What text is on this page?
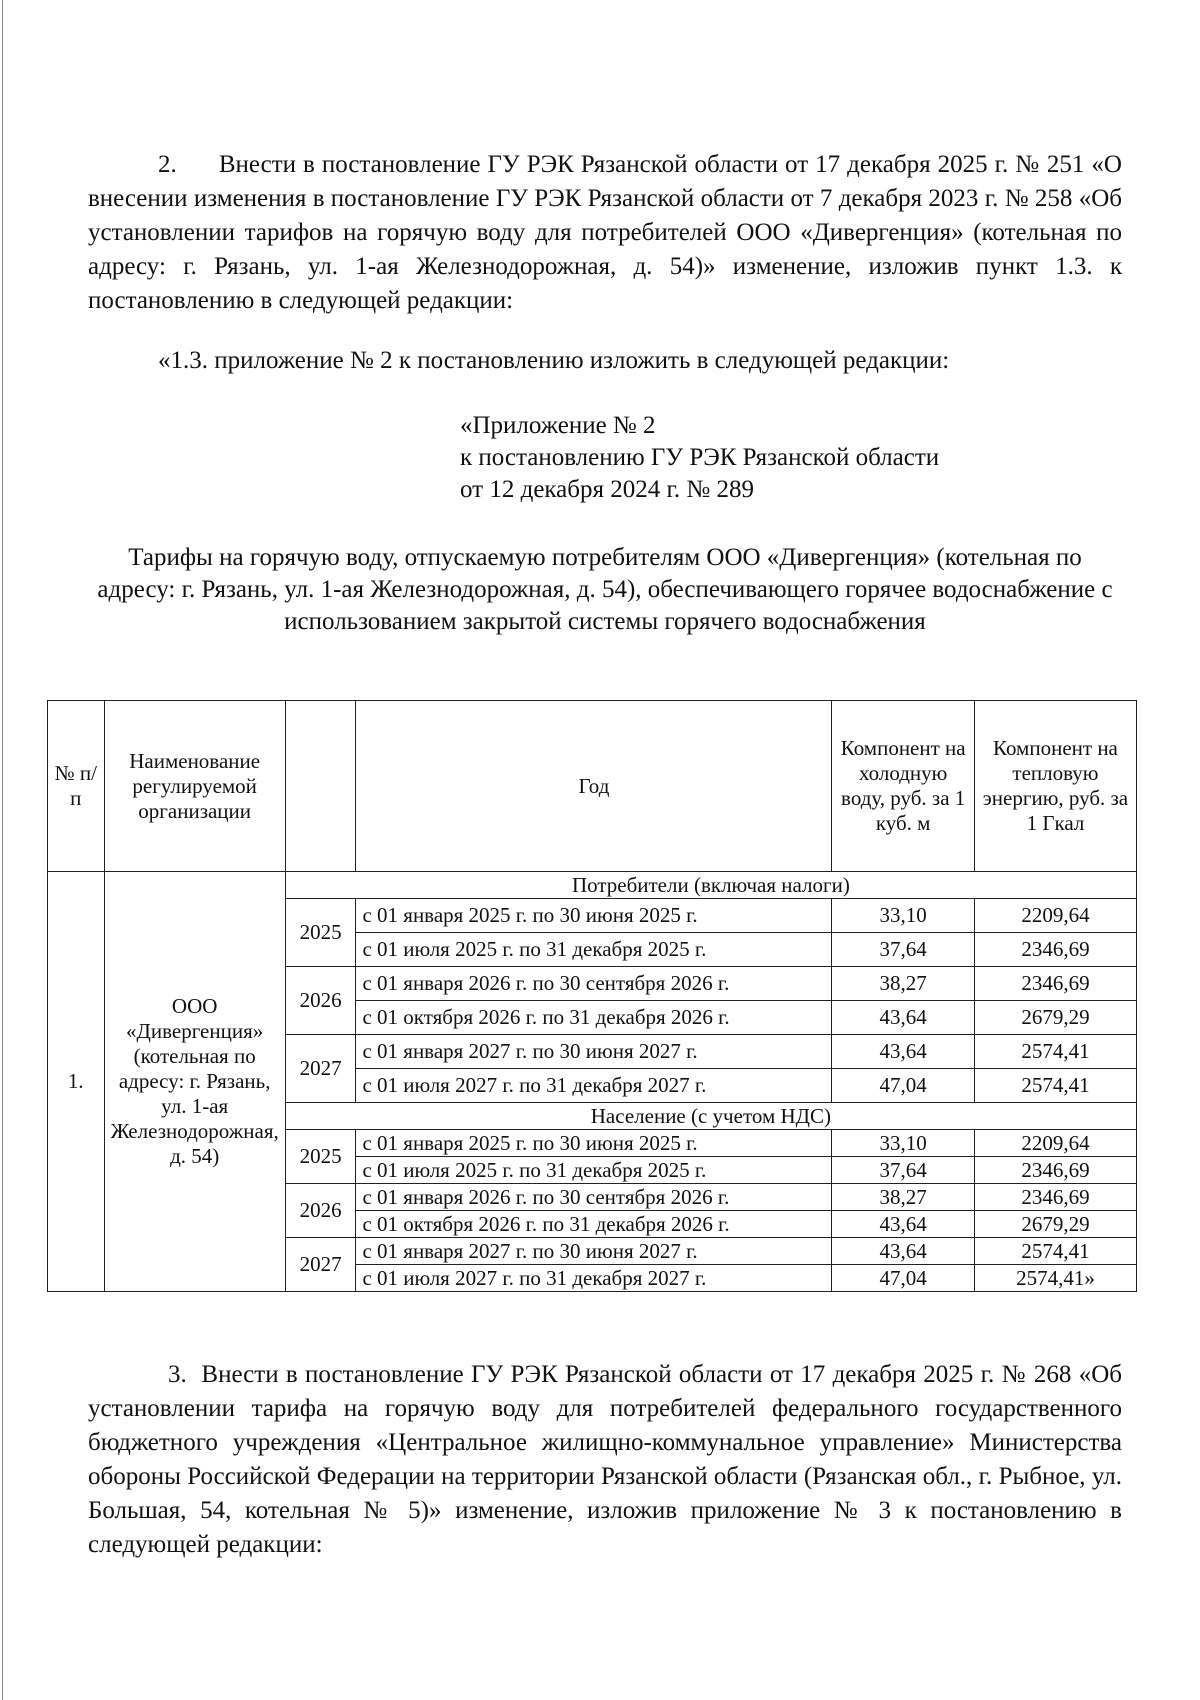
2.      Внести в постановление ГУ РЭК Рязанской области от 17 декабря 2025 г. № 251 «О внесении изменения в постановление ГУ РЭК Рязанской области от 7 декабря 2023 г. № 258 «Об установлении тарифов на горячую воду для потребителей ООО «Дивергенция» (котельная по адресу: г. Рязань, ул. 1-ая Железнодорожная, д. 54)» изменение, изложив пункт 1.3. к постановлению в следующей редакции:

«1.3. приложение № 2 к постановлению изложить в следующей редакции:

«Приложение № 2
к постановлению ГУ РЭК Рязанской области
от 12 декабря 2024 г. № 289

Тарифы на горячую воду, отпускаемую потребителям ООО «Дивергенция» (котельная по адресу: г. Рязань, ул. 1-ая Железнодорожная, д. 54), обеспечивающего горячее водоснабжение с использованием закрытой системы горячего водоснабжения

№ п/п	Наименование регулируемой организации		Год	Компонент на холодную воду, руб. за 1 куб. м	Компонент на тепловую энергию, руб. за 1 Гкал
1.	ООО «Дивергенция» (котельная по адресу: г. Рязань, ул. 1-ая Железнодорожная, д. 54)	Потребители (включая налоги)			
		2025	с 01 января 2025 г. по 30 июня 2025 г.	33,10	2209,64
			с 01 июля 2025 г. по 31 декабря 2025 г.	37,64	2346,69
		2026	с 01 января 2026 г. по 30 сентября 2026 г.	38,27	2346,69
			с 01 октября 2026 г. по 31 декабря 2026 г.	43,64	2679,29
		2027	с 01 января 2027 г. по 30 июня 2027 г.	43,64	2574,41
			с 01 июля 2027 г. по 31 декабря 2027 г.	47,04	2574,41
		Население (с учетом НДС)			
		2025	с 01 января 2025 г. по 30 июня 2025 г.	33,10	2209,64
			с 01 июля 2025 г. по 31 декабря 2025 г.	37,64	2346,69
		2026	с 01 января 2026 г. по 30 сентября 2026 г.	38,27	2346,69
			с 01 октября 2026 г. по 31 декабря 2026 г.	43,64	2679,29
		2027	с 01 января 2027 г. по 30 июня 2027 г.	43,64	2574,41
			с 01 июля 2027 г. по 31 декабря 2027 г.	47,04	2574,41»

3.  Внести в постановление ГУ РЭК Рязанской области от 17 декабря 2025 г. № 268 «Об установлении тарифа на горячую воду для потребителей федерального государственного бюджетного учреждения «Центральное жилищно-коммунальное управление» Министерства обороны Российской Федерации на территории Рязанской области (Рязанская обл., г. Рыбное, ул. Большая, 54, котельная № 5)» изменение, изложив приложение № 3 к постановлению в следующей редакции:
